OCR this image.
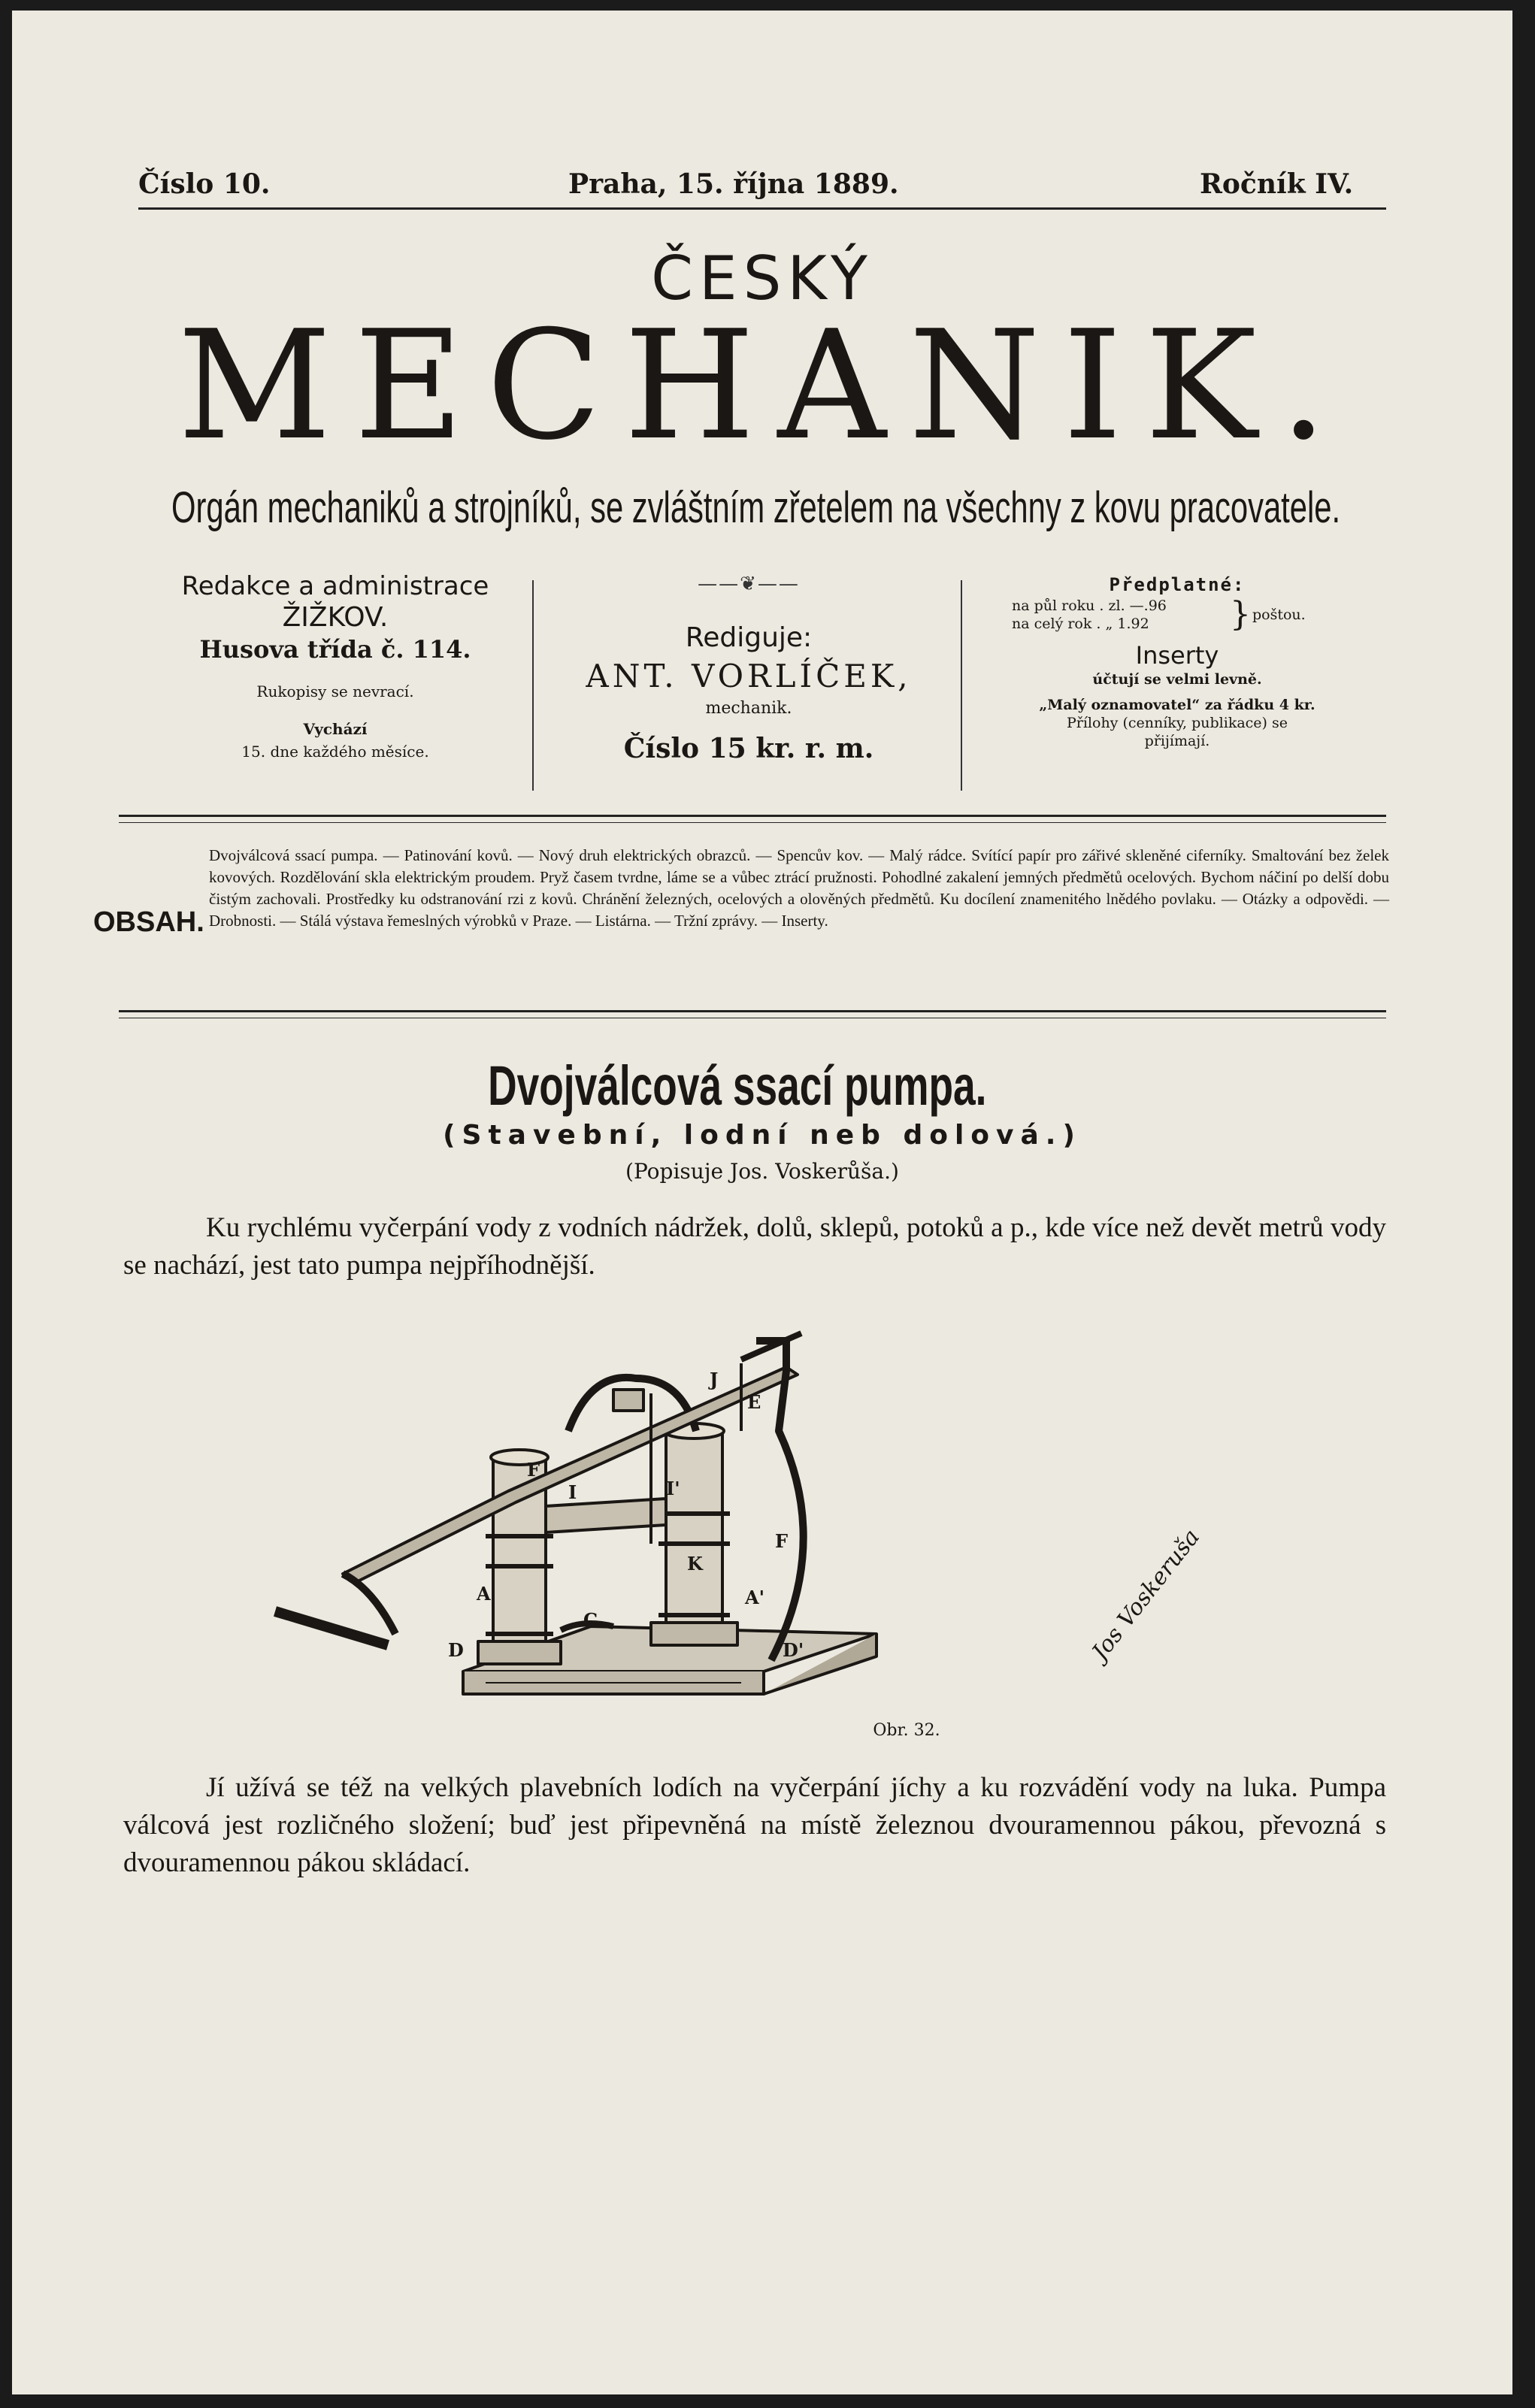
Číslo 10.	Praha, 15. října 1889.	Ročník IV.
ČESKÝ
MECHANIK.
Orgán mechaniků a strojníků, se zvláštním zřetelem na všechny z kovu pracovatele.
Redakce a administrace
ŽIŽKOV.
Husova třída č. 114.
Rukopisy se nevrací.
Vychází
15. dne každého měsíce.
——❦——
Rediguje:
ANT. VORLÍČEK,
mechanik.
Číslo 15 kr. r. m.
Předplatné:
na půl roku . zl. —.96
na celý rok . „ 1.92 } poštou.
Inserty
účtují se velmi levně.
„Malý oznamovatel“ za řádku 4 kr.
Přílohy (cenníky, publikace) se
přijímají.
OBSAH.
Dvojválcová ssací pumpa. — Patinování kovů. — Nový druh elektrických obrazců. — Spencův kov. — Malý rádce. Svítící papír pro zářivé skleněné ciferníky. Smaltování bez želek kovových. Rozdělování skla elektrickým proudem. Pryž časem tvrdne, láme se a vůbec ztrácí pružnosti. Pohodlné zakalení jemných předmětů ocelových. Bychom náčiní po delší dobu čistým zachovali. Prostředky ku odstranování rzi z kovů. Chránění železných, ocelových a olověných předmětů. Ku docílení znamenitého lnědého povlaku. — Otázky a odpovědi. — Drobnosti. — Stálá výstava řemeslných výrobků v Praze. — Listárna. — Tržní zprávy. — Inserty.
Dvojválcová ssací pumpa.
(Stavební, lodní neb dolová.)
(Popisuje Jos. Voskerůša.)
Ku rychlému vyčerpání vody z vodních nádržek, dolů, sklepů, potoků a p., kde více než devět metrů vody se nachází, jest tato pumpa nejpříhodnější.
F
J
E
I	I'
K
F
A	A'
C
D	D'	Jos Voskeruša
Obr. 32.
Jí užívá se též na velkých plavebních lodích na vyčerpání jíchy a ku rozvádění vody na luka. Pumpa válcová jest rozličného složení; buď jest připevněná na místě železnou dvouramennou pákou, převozná s dvouramennou pákou skládací.
